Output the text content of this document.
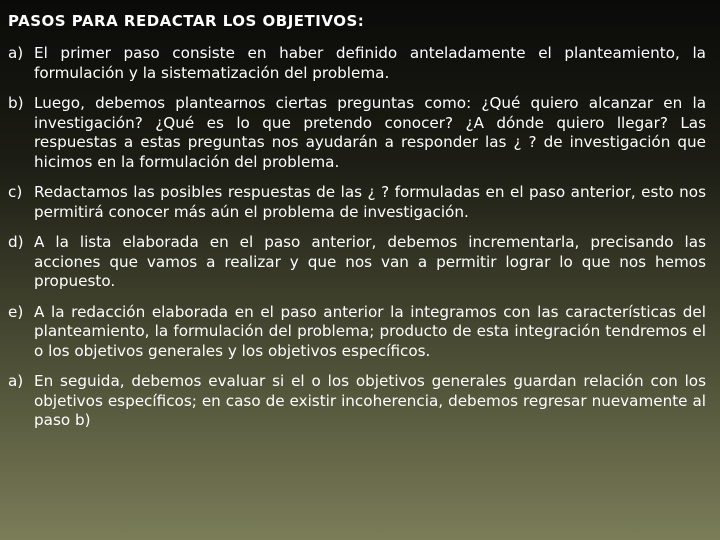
PASOS PARA REDACTAR LOS OBJETIVOS:
a) El primer paso consiste en haber definido anteladamente el planteamiento, la formulación y la sistematización del problema.
b) Luego, debemos plantearnos ciertas preguntas como: ¿Qué quiero alcanzar en la investigación? ¿Qué es lo que pretendo conocer? ¿A dónde quiero llegar? Las respuestas a estas preguntas nos ayudarán a responder las ¿ ? de investigación que hicimos en la formulación del problema.
c) Redactamos las posibles respuestas de las ¿ ? formuladas en el paso anterior, esto nos permitirá conocer más aún el problema de investigación.
d) A la lista elaborada en el paso anterior, debemos incrementarla, precisando las acciones que vamos a realizar y que nos van a permitir lograr lo que nos hemos propuesto.
e) A la redacción elaborada en el paso anterior la integramos con las características del planteamiento, la formulación del problema; producto de esta integración tendremos el o los objetivos generales y los objetivos específicos.
a) En seguida, debemos evaluar si el o los objetivos generales guardan relación con los objetivos específicos; en caso de existir incoherencia, debemos regresar nuevamente al paso b)
